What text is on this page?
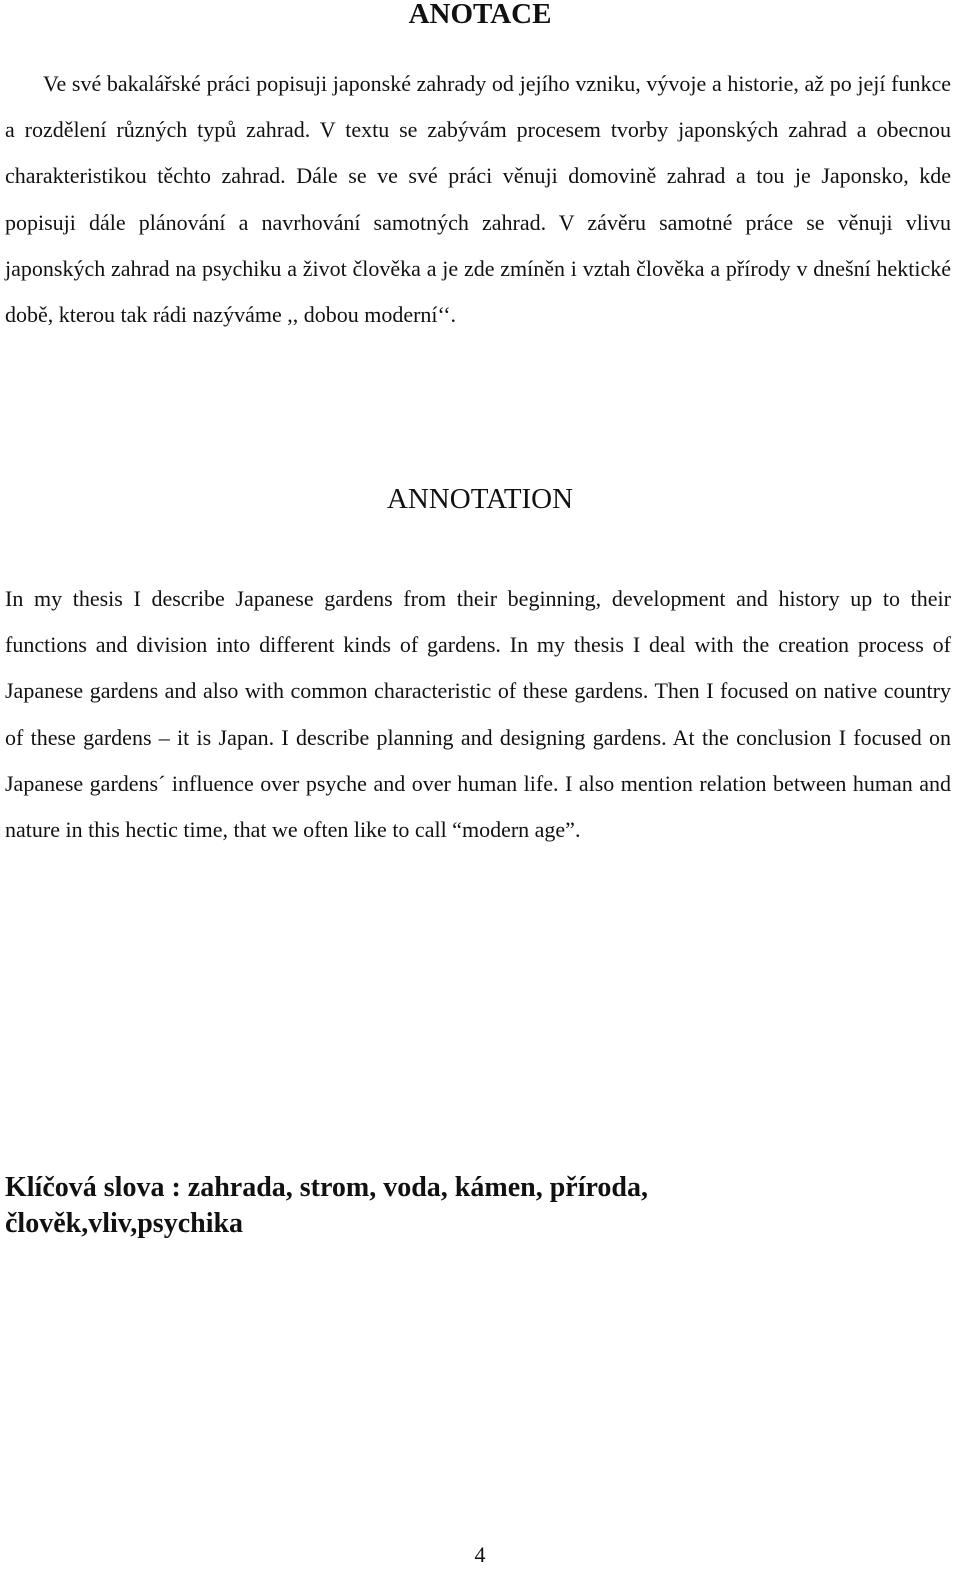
ANOTACE

Ve své bakalářské práci popisuji japonské zahrady od jejího vzniku, vývoje a historie, až po její funkce a rozdělení různých typů zahrad. V textu se zabývám procesem tvorby japonských zahrad a obecnou charakteristikou těchto zahrad. Dále se ve své práci věnuji domovině zahrad a tou je Japonsko, kde popisuji dále plánování a navrhování samotných zahrad. V závěru samotné práce se věnuji vlivu japonských zahrad na psychiku a život člověka a je zde zmíněn i vztah člověka a přírody v dnešní hektické době, kterou tak rádi nazýváme ,, dobou moderní‘‘.

ANNOTATION

In my thesis I describe Japanese gardens from their beginning, development and history up to their functions and division into different kinds of gardens. In my thesis I deal with the creation process of Japanese gardens and also with common characteristic of these gardens. Then I focused on native country of these gardens – it is Japan. I describe planning and designing gardens. At the conclusion I focused on Japanese gardens´ influence over psyche and over human life. I also mention relation between human and nature in this hectic time, that we often like to call “modern age”.

Klíčová slova : zahrada, strom, voda, kámen, příroda, člověk,vliv,psychika

4
